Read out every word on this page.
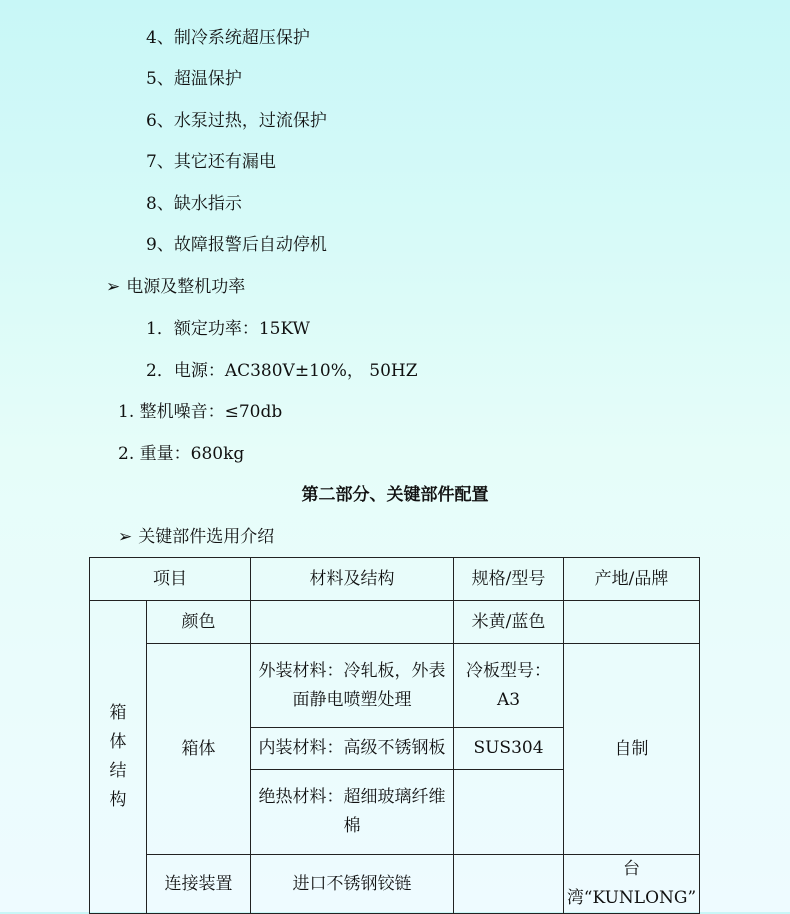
4、制冷系统超压保护
5、超温保护
6、水泵过热，过流保护
7、其它还有漏电
8、缺水指示
9、故障报警后自动停机
➢ 电源及整机功率
1．额定功率：15KW
2．电源：AC380V±10%， 50HZ
1. 整机噪音：≤70db
2. 重量：680kg
第二部分、关键部件配置
➢ 关键部件选用介绍
项目		材料及结构	规格/型号	产地/品牌

箱
体
结
构	颜色		米黄/蓝色	
	箱体	外装材料：冷轧板，外表
面静电喷塑处理	冷板型号：A3	自制
		内装材料：高级不锈钢板	SUS304	

		绝热材料：超细玻璃纤维
棉		

	连接装置	进口不锈钢铰链		台湾“KUNLONG”
